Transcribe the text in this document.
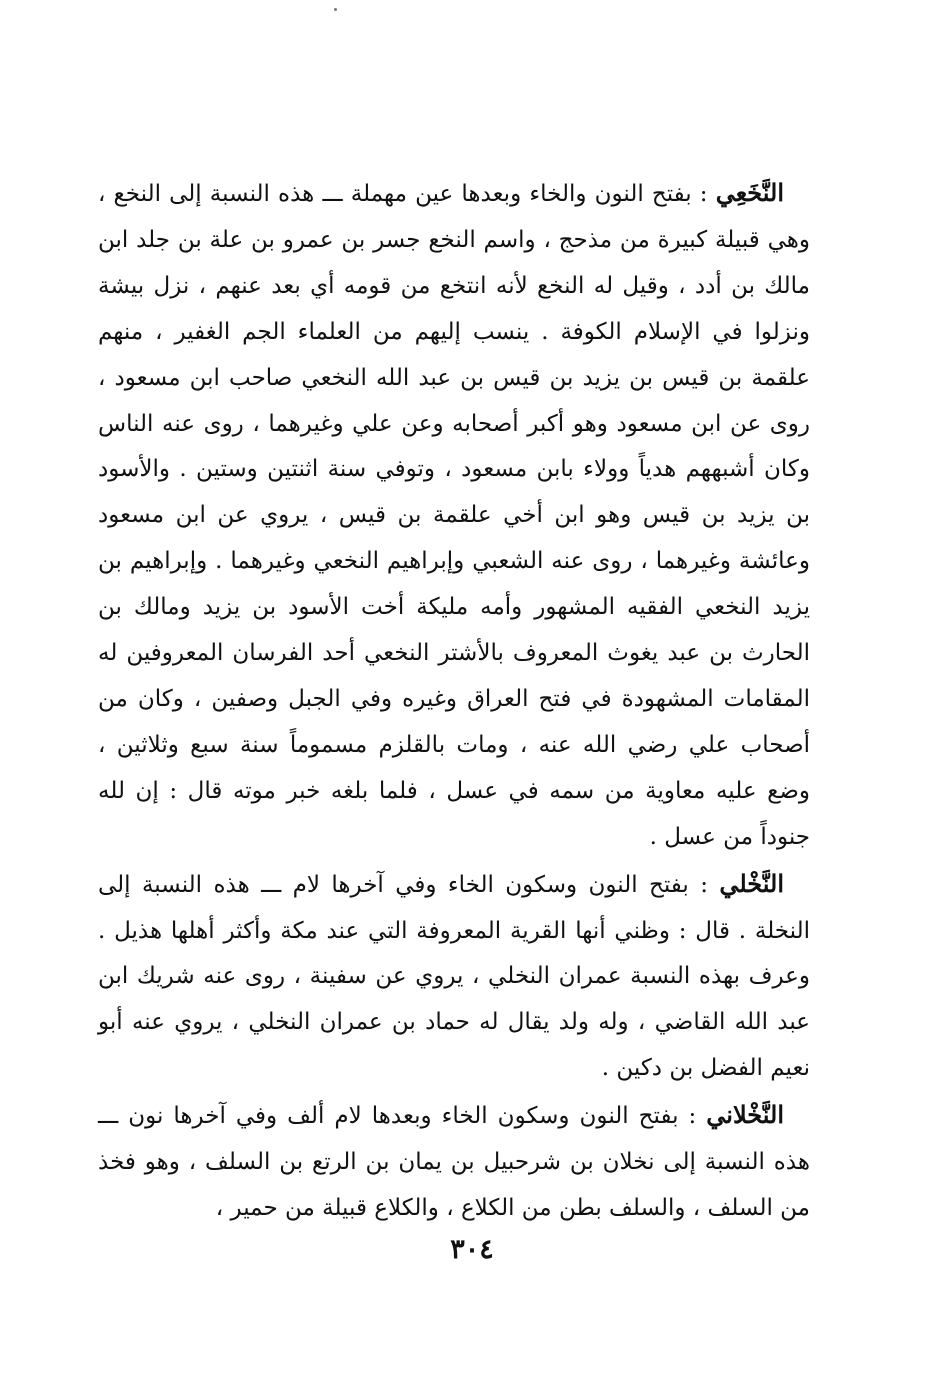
النَّخَعِي : بفتح النون والخاء وبعدها عين مهملة ـــ هذه النسبة إلى النخع ، وهي قبيلة كبيرة من مذحج ، واسم النخع جسر بن عمرو بن علة بن جلد ابن مالك بن أدد ، وقيل له النخع لأنه انتخع من قومه أي بعد عنهم ، نزل بيشة ونزلوا في الإسلام الكوفة . ينسب إليهم من العلماء الجم الغفير ، منهم علقمة بن قيس بن يزيد بن قيس بن عبد الله النخعي صاحب ابن مسعود ، روى عن ابن مسعود وهو أكبر أصحابه وعن علي وغيرهما ، روى عنه الناس وكان أشبههم هدياً وولاء بابن مسعود ، وتوفي سنة اثنتين وستين . والأسود بن يزيد بن قيس وهو ابن أخي علقمة بن قيس ، يروي عن ابن مسعود وعائشة وغيرهما ، روى عنه الشعبي وإبراهيم النخعي وغيرهما . وإبراهيم بن يزيد النخعي الفقيه المشهور وأمه مليكة أخت الأسود بن يزيد ومالك بن الحارث بن عبد يغوث المعروف بالأشتر النخعي أحد الفرسان المعروفين له المقامات المشهودة في فتح العراق وغيره وفي الجبل وصفين ، وكان من أصحاب علي رضي الله عنه ، ومات بالقلزم مسموماً سنة سبع وثلاثين ، وضع عليه معاوية من سمه في عسل ، فلما بلغه خبر موته قال : إن لله جنوداً من عسل .

النَّخْلي : بفتح النون وسكون الخاء وفي آخرها لام ـــ هذه النسبة إلى النخلة . قال : وظني أنها القرية المعروفة التي عند مكة وأكثر أهلها هذيل . وعرف بهذه النسبة عمران النخلي ، يروي عن سفينة ، روى عنه شريك ابن عبد الله القاضي ، وله ولد يقال له حماد بن عمران النخلي ، يروي عنه أبو نعيم الفضل بن دكين .

النَّخْلاني : بفتح النون وسكون الخاء وبعدها لام ألف وفي آخرها نون ـــ هذه النسبة إلى نخلان بن شرحبيل بن يمان بن الرتع بن السلف ، وهو فخذ من السلف ، والسلف بطن من الكلاع ، والكلاع قبيلة من حمير ،

٣٠٤
